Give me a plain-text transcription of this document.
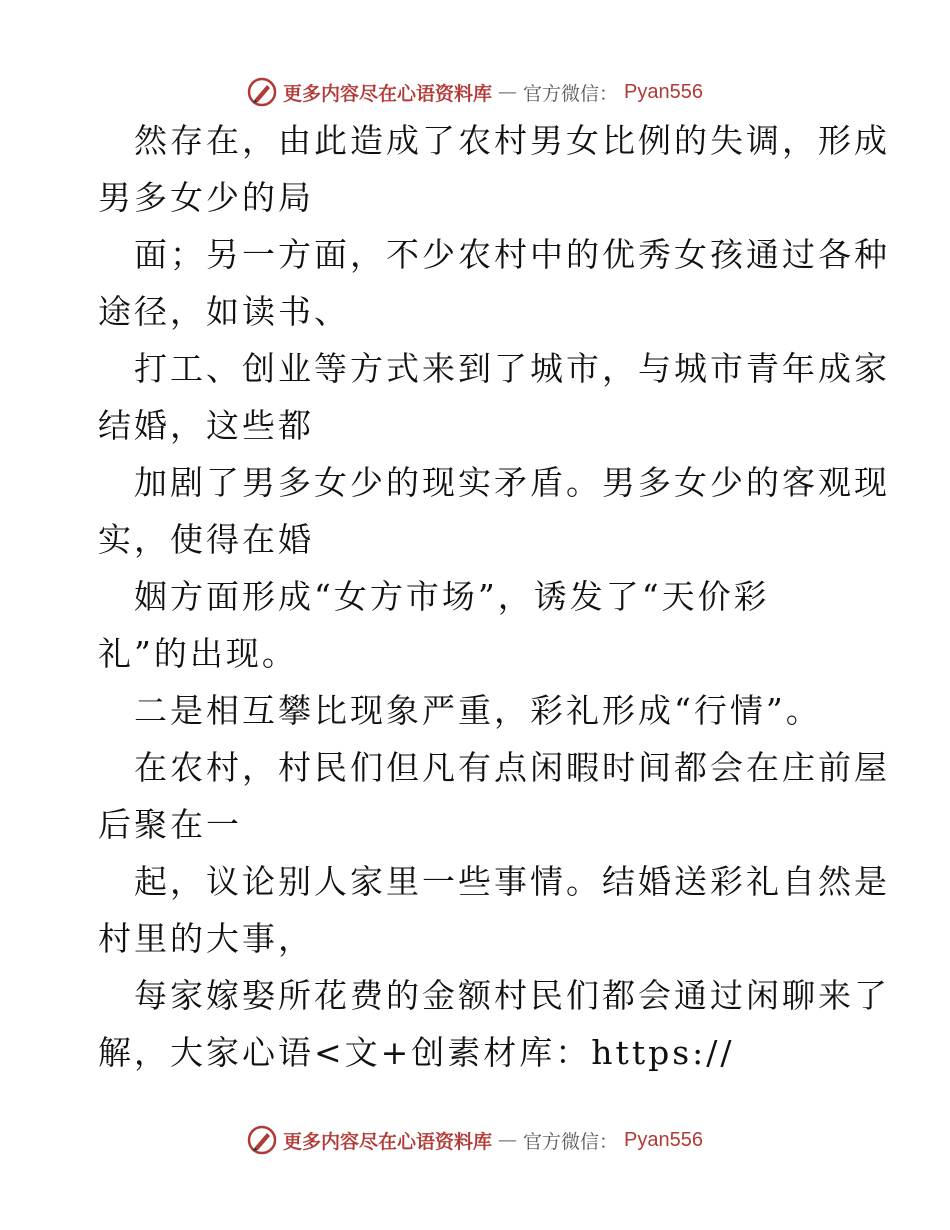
更多内容尽在心语资料库 — 官方微信： Pyan556
然存在，由此造成了农村男女比例的失调，形成
男多女少的局
面；另一方面，不少农村中的优秀女孩通过各种
途径，如读书、
打工、创业等方式来到了城市，与城市青年成家
结婚，这些都
加剧了男多女少的现实矛盾。男多女少的客观现
实，使得在婚
姻方面形成“女方市场”，诱发了“天价彩
礼”的出现。
二是相互攀比现象严重，彩礼形成“行情”。
在农村，村民们但凡有点闲暇时间都会在庄前屋
后聚在一
起，议论别人家里一些事情。结婚送彩礼自然是
村里的大事，
每家嫁娶所花费的金额村民们都会通过闲聊来了
解，大家心语<文+创素材库：https://
更多内容尽在心语资料库 — 官方微信： Pyan556
